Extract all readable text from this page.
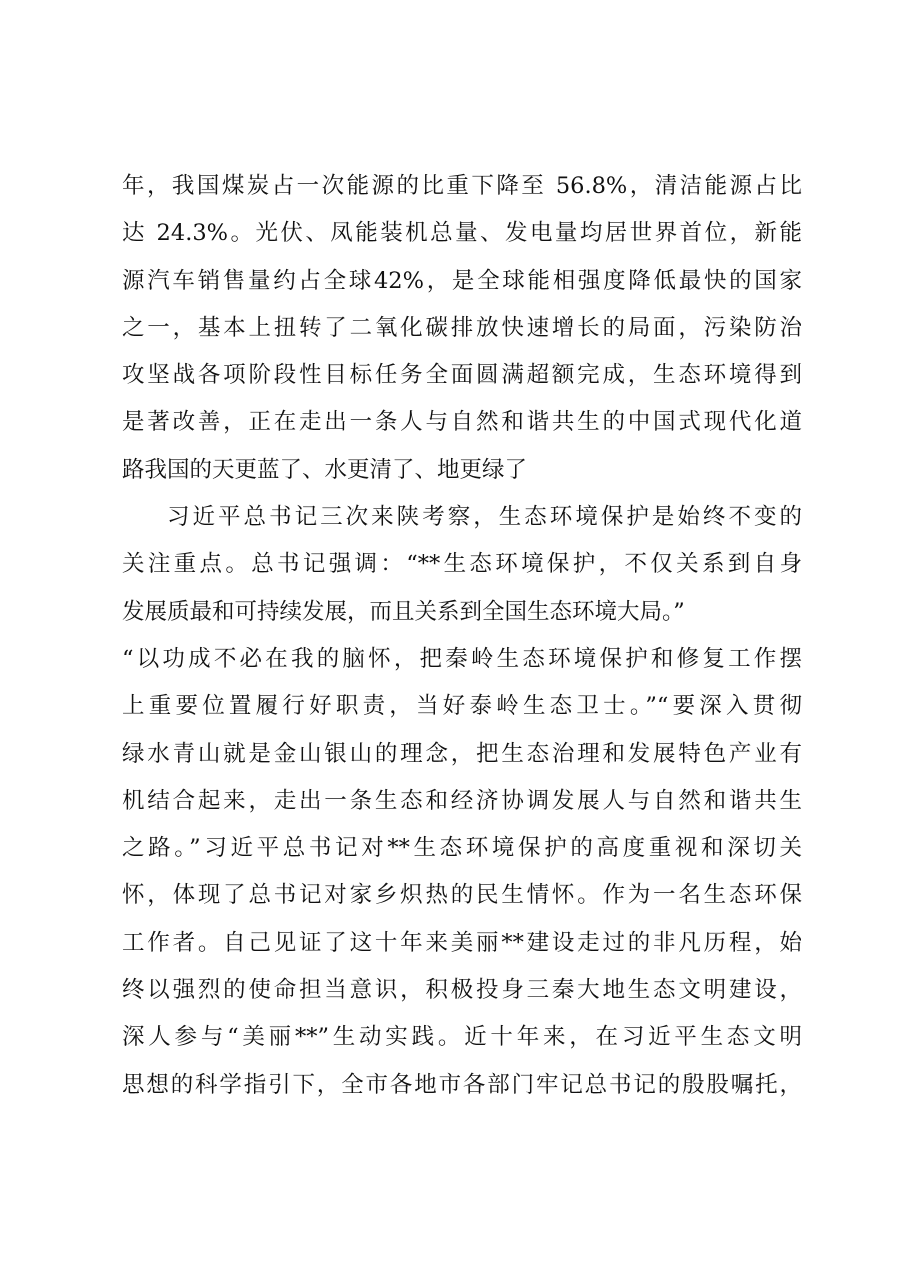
年，我国煤炭占一次能源的比重下降至 56.8%，清洁能源占比
达 24.3%。光伏、凤能装机总量、发电量均居世界首位，新能
源汽车销售量约占全球42%，是全球能相强度降低最快的国家
之一，基本上扭转了二氧化碳排放快速增长的局面，污染防治
攻坚战各项阶段性目标任务全面圆满超额完成，生态环境得到
是著改善，正在走出一条人与自然和谐共生的中国式现代化道
路我国的天更蓝了、水更清了、地更绿了
习近平总书记三次来陕考察，生态环境保护是始终不变的
关注重点。总书记强调：“**生态环境保护，不仅关系到自身
发展质最和可持续发展，而且关系到全国生态环境大局。”
“以功成不必在我的脑怀，把秦岭生态环境保护和修复工作摆
上重要位置履行好职责，当好泰岭生态卫士。”“要深入贯彻
绿水青山就是金山银山的理念，把生态治理和发展特色产业有
机结合起来，走出一条生态和经济协调发展人与自然和谐共生
之路。”习近平总书记对**生态环境保护的高度重视和深切关
怀，体现了总书记对家乡炽热的民生情怀。作为一名生态环保
工作者。自己见证了这十年来美丽**建设走过的非凡历程，始
终以强烈的使命担当意识，积极投身三秦大地生态文明建设，
深人参与“美丽**”生动实践。近十年来，在习近平生态文明
思想的科学指引下，全市各地市各部门牢记总书记的殷股嘱托，
